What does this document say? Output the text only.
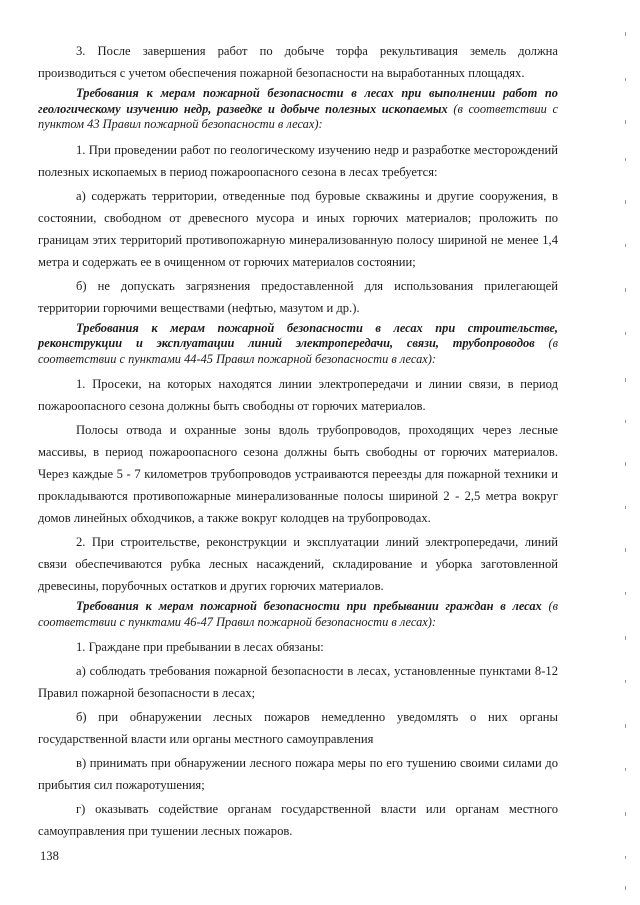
3. После завершения работ по добыче торфа рекультивация земель должна производиться с учетом обеспечения пожарной безопасности на выработанных площадях.

Требования к мерам пожарной безопасности в лесах при выполнении работ по геологическому изучению недр, разведке и добыче полезных ископаемых (в соответствии с пунктом 43 Правил пожарной безопасности в лесах):

1. При проведении работ по геологическому изучению недр и разработке месторождений полезных ископаемых в период пожароопасного сезона в лесах требуется:

а) содержать территории, отведенные под буровые скважины и другие сооружения, в состоянии, свободном от древесного мусора и иных горючих материалов; проложить по границам этих территорий противопожарную минерализованную полосу шириной не менее 1,4 метра и содержать ее в очищенном от горючих материалов состоянии;

б) не допускать загрязнения предоставленной для использования прилегающей территории горючими веществами (нефтью, мазутом и др.).

Требования к мерам пожарной безопасности в лесах при строительстве, реконструкции и эксплуатации линий электропередачи, связи, трубопроводов (в соответствии с пунктами 44-45 Правил пожарной безопасности в лесах):

1. Просеки, на которых находятся линии электропередачи и линии связи, в период пожароопасного сезона должны быть свободны от горючих материалов.

Полосы отвода и охранные зоны вдоль трубопроводов, проходящих через лесные массивы, в период пожароопасного сезона должны быть свободны от горючих материалов. Через каждые 5 - 7 километров трубопроводов устраиваются переезды для пожарной техники и прокладываются противопожарные минерализованные полосы шириной 2 - 2,5 метра вокруг домов линейных обходчиков, а также вокруг колодцев на трубопроводах.

2. При строительстве, реконструкции и эксплуатации линий электропередачи, линий связи обеспечиваются рубка лесных насаждений, складирование и уборка заготовленной древесины, порубочных остатков и других горючих материалов.

Требования к мерам пожарной безопасности при пребывании граждан в лесах (в соответствии с пунктами 46-47 Правил пожарной безопасности в лесах):

1. Граждане при пребывании в лесах обязаны:

а) соблюдать требования пожарной безопасности в лесах, установленные пунктами 8-12 Правил пожарной безопасности в лесах;

б) при обнаружении лесных пожаров немедленно уведомлять о них органы государственной власти или органы местного самоуправления

в) принимать при обнаружении лесного пожара меры по его тушению своими силами до прибытия сил пожаротушения;

г) оказывать содействие органам государственной власти или органам местного самоуправления при тушении лесных пожаров.

138
